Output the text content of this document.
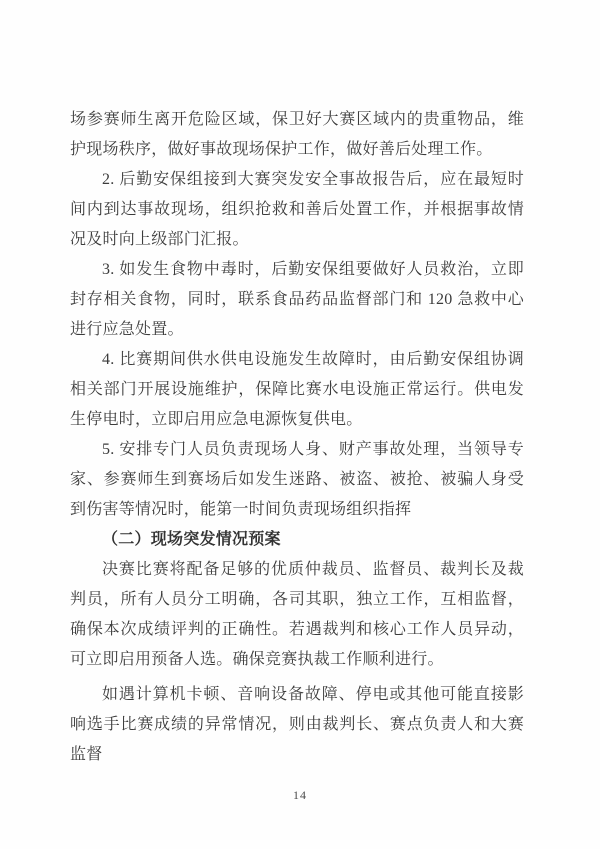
场参赛师生离开危险区域，保卫好大赛区域内的贵重物品，维护现场秩序，做好事故现场保护工作，做好善后处理工作。

2. 后勤安保组接到大赛突发安全事故报告后，应在最短时间内到达事故现场，组织抢救和善后处置工作，并根据事故情况及时向上级部门汇报。

3. 如发生食物中毒时，后勤安保组要做好人员救治，立即封存相关食物，同时，联系食品药品监督部门和 120 急救中心进行应急处置。

4. 比赛期间供水供电设施发生故障时，由后勤安保组协调相关部门开展设施维护，保障比赛水电设施正常运行。供电发生停电时，立即启用应急电源恢复供电。

5. 安排专门人员负责现场人身、财产事故处理，当领导专家、参赛师生到赛场后如发生迷路、被盗、被抢、被骗人身受到伤害等情况时，能第一时间负责现场组织指挥

（二）现场突发情况预案

决赛比赛将配备足够的优质仲裁员、监督员、裁判长及裁判员，所有人员分工明确，各司其职，独立工作，互相监督，确保本次成绩评判的正确性。若遇裁判和核心工作人员异动，可立即启用预备人选。确保竞赛执裁工作顺利进行。

如遇计算机卡顿、音响设备故障、停电或其他可能直接影响选手比赛成绩的异常情况，则由裁判长、赛点负责人和大赛监督

14
